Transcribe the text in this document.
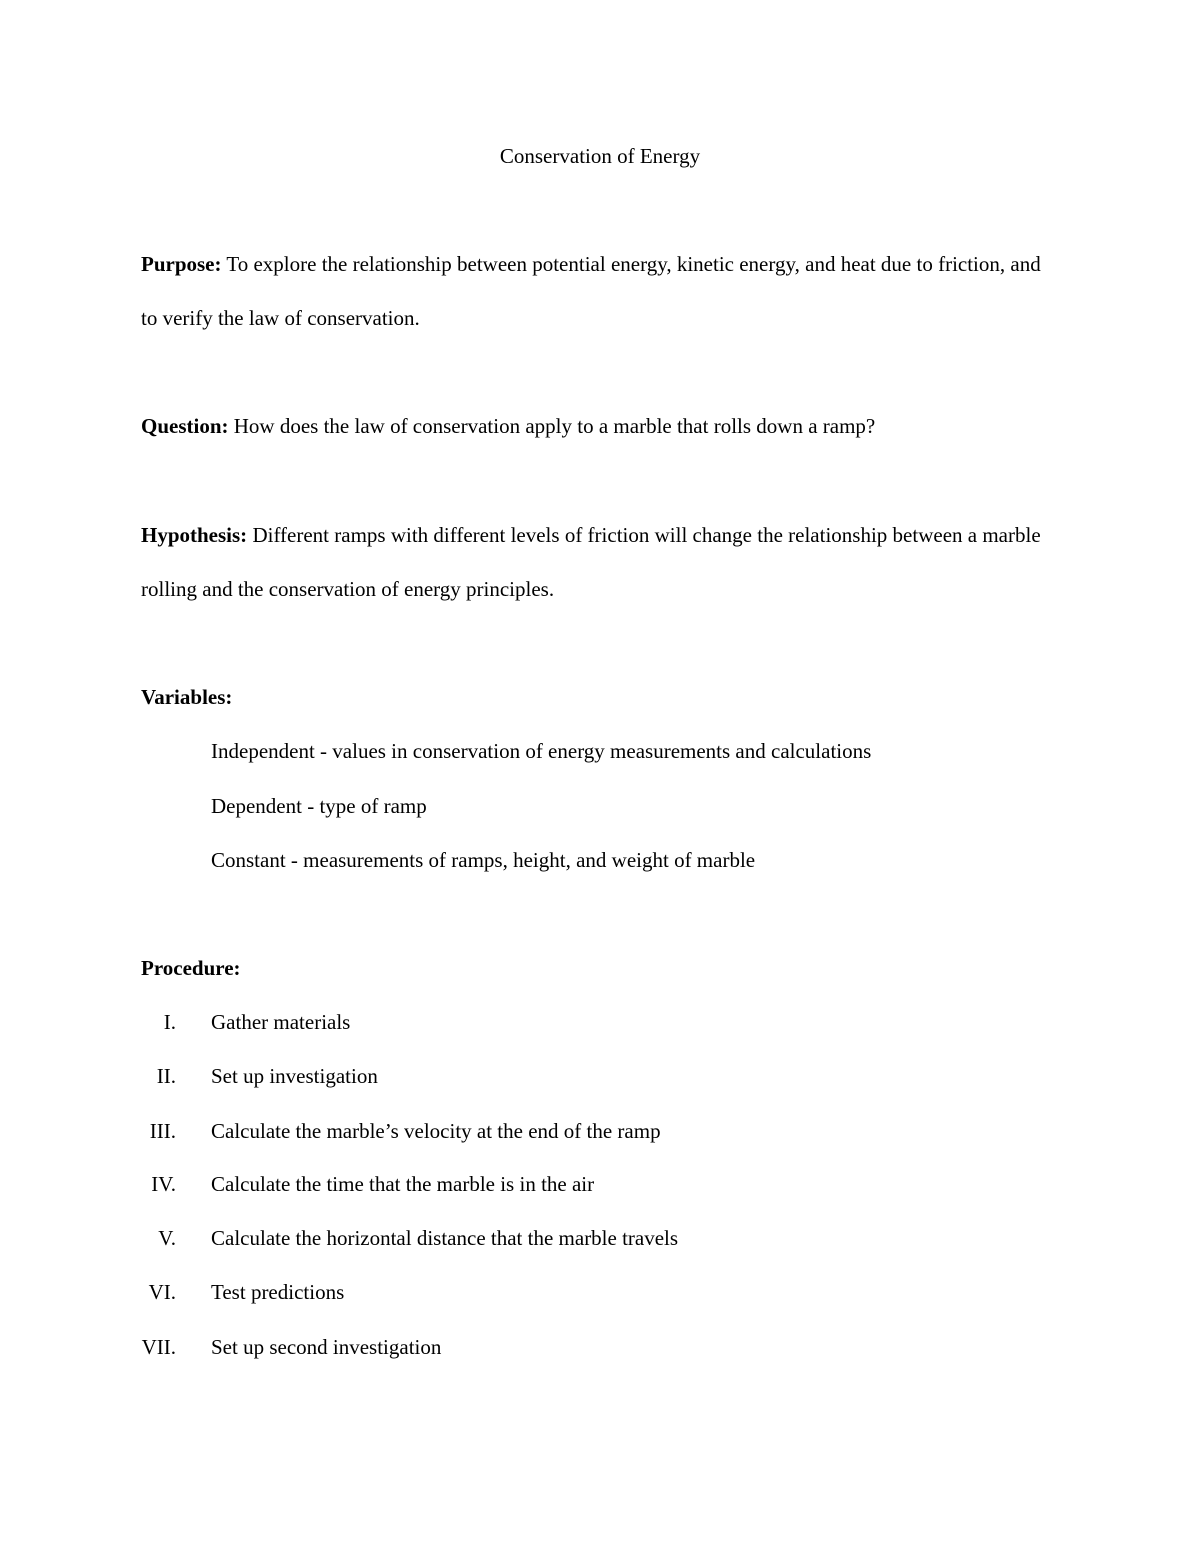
Conservation of Energy

Purpose: To explore the relationship between potential energy, kinetic energy, and heat due to friction, and to verify the law of conservation.

Question: How does the law of conservation apply to a marble that rolls down a ramp?

Hypothesis: Different ramps with different levels of friction will change the relationship between a marble rolling and the conservation of energy principles.

Variables:
Independent - values in conservation of energy measurements and calculations
Dependent - type of ramp
Constant - measurements of ramps, height, and weight of marble
Procedure:
I. Gather materials
II. Set up investigation
III. Calculate the marble’s velocity at the end of the ramp
IV. Calculate the time that the marble is in the air
V. Calculate the horizontal distance that the marble travels
VI. Test predictions
VII. Set up second investigation
